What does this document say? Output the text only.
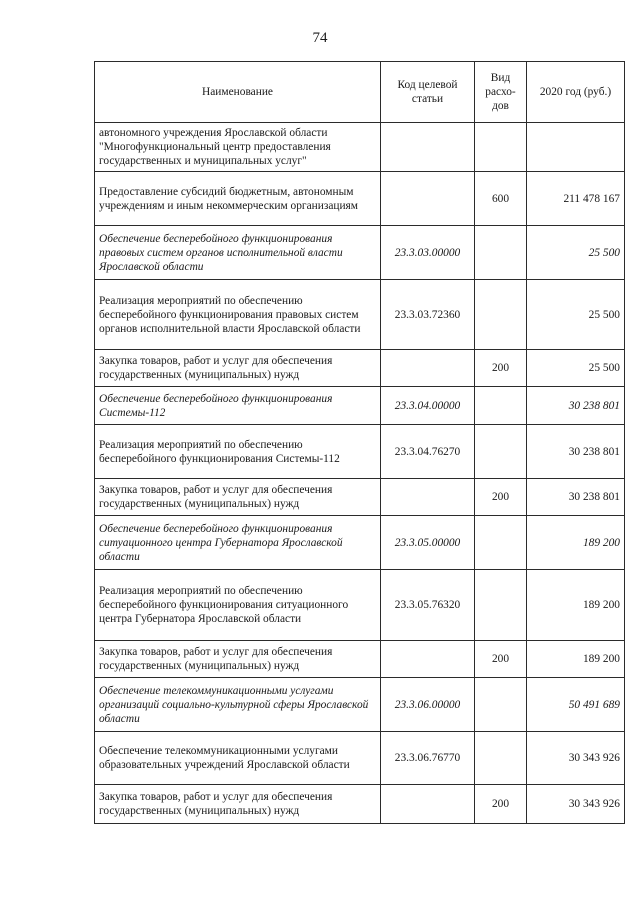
74
Наименование	Код целевой статьи	Вид расхо-дов	2020 год (руб.)
автономного учреждения Ярославской области "Многофункциональный центр предоставления государственных и муниципальных услуг"			
Предоставление субсидий бюджетным, автономным учреждениям и иным некоммерческим организациям		600	211 478 167
Обеспечение бесперебойного функционирования правовых систем органов исполнительной власти Ярославской области	23.3.03.00000		25 500
Реализация мероприятий по обеспечению бесперебойного функционирования правовых систем органов исполнительной власти Ярославской области	23.3.03.72360		25 500
Закупка товаров, работ и услуг для обеспечения государственных (муниципальных) нужд		200	25 500
Обеспечение бесперебойного функционирования Системы-112	23.3.04.00000		30 238 801
Реализация мероприятий по обеспечению бесперебойного функционирования Системы-112	23.3.04.76270		30 238 801
Закупка товаров, работ и услуг для обеспечения государственных (муниципальных) нужд		200	30 238 801
Обеспечение бесперебойного функционирования ситуационного центра Губернатора Ярославской области	23.3.05.00000		189 200
Реализация мероприятий по обеспечению бесперебойного функционирования ситуационного центра Губернатора Ярославской области	23.3.05.76320		189 200
Закупка товаров, работ и услуг для обеспечения государственных (муниципальных) нужд		200	189 200
Обеспечение телекоммуникационными услугами организаций социально-культурной сферы Ярославской области	23.3.06.00000		50 491 689
Обеспечение телекоммуникационными услугами образовательных учреждений Ярославской области	23.3.06.76770		30 343 926
Закупка товаров, работ и услуг для обеспечения государственных (муниципальных) нужд		200	30 343 926
